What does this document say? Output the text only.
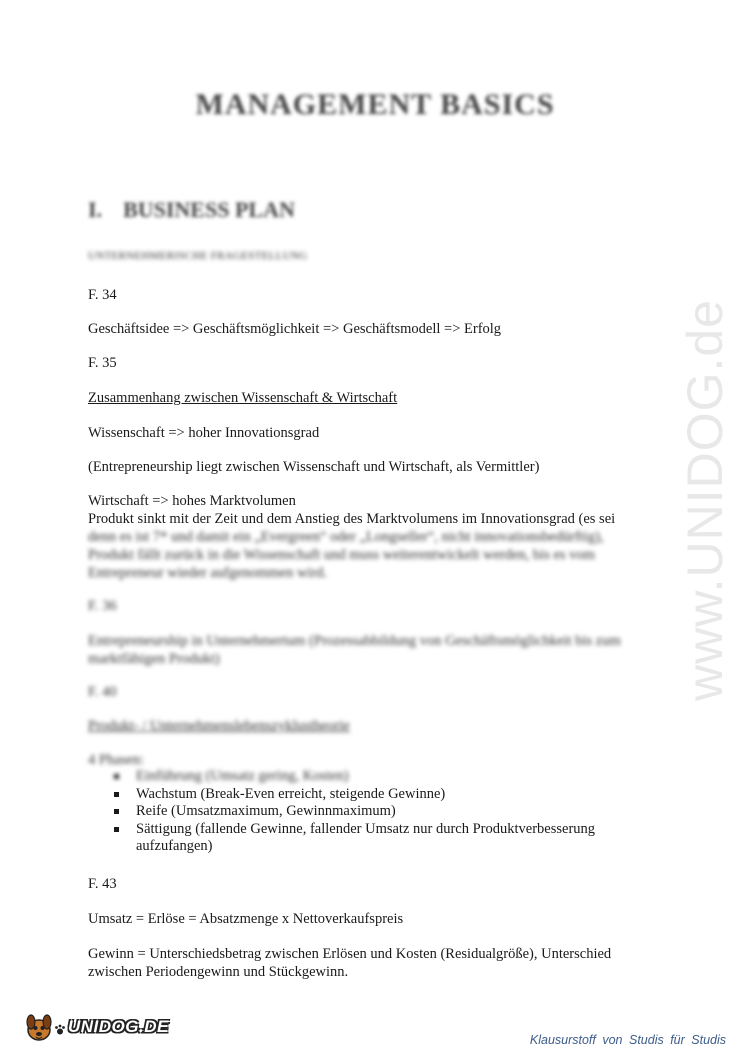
www.UNIDOG.de
MANAGEMENT BASICS
I. BUSINESS PLAN
UNTERNEHMERISCHE FRAGESTELLUNG
F. 34
Geschäftsidee => Geschäftsmöglichkeit => Geschäftsmodell => Erfolg
F. 35
Zusammenhang zwischen Wissenschaft & Wirtschaft
Wissenschaft => hoher Innovationsgrad
(Entrepreneurship liegt zwischen Wissenschaft und Wirtschaft, als Vermittler)
Wirtschaft => hohes Marktvolumen
Produkt sinkt mit der Zeit und dem Anstieg des Marktvolumens im Innovationsgrad (es sei
denn es ist 7* und damit ein „Evergreen“ oder „Longseller“, nicht innovationsbedürftig),
Produkt fällt zurück in die Wissenschaft und muss weiterentwickelt werden, bis es vom
Entrepreneur wieder aufgenommen wird.
F. 36
Entrepreneurship in Unternehmertum (Prozessabbildung von Geschäftsmöglichkeit bis zum
marktfähigen Produkt)
F. 40
Produkt- / Unternehmenslebenszyklustheorie
4 Phasen:
Einführung (Umsatz gering, Kosten)
Wachstum (Break-Even erreicht, steigende Gewinne)
Reife (Umsatzmaximum, Gewinnmaximum)
Sättigung (fallende Gewinne, fallender Umsatz nur durch Produktverbesserung aufzufangen)
F. 43
Umsatz = Erlöse = Absatzmenge x Nettoverkaufspreis
Gewinn = Unterschiedsbetrag zwischen Erlösen und Kosten (Residualgröße), Unterschied
zwischen Periodengewinn und Stückgewinn.
UNIDOG.DE
Klausurstoff von Studis für Studis
